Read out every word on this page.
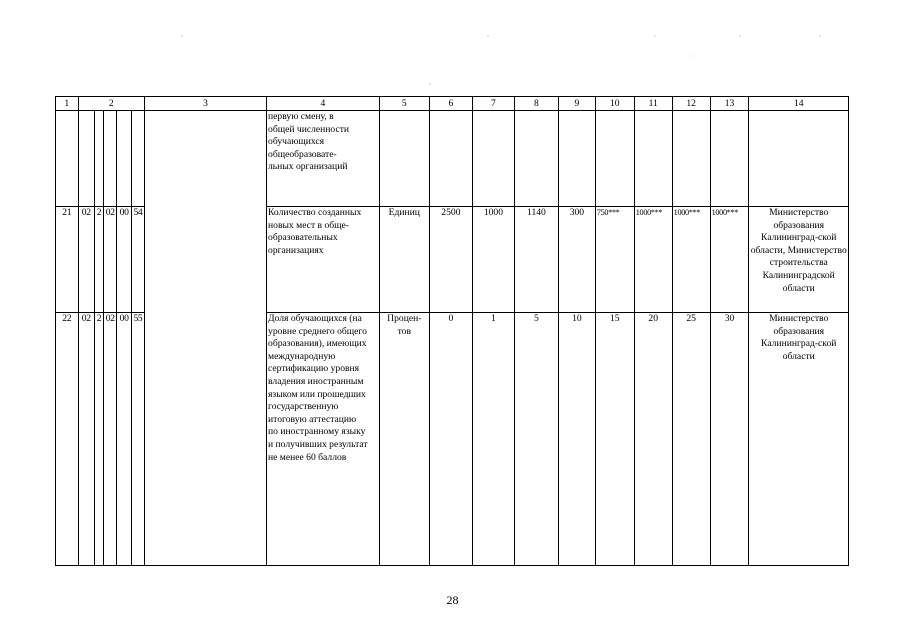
1	2					3	4	5	6	7	8	9	10	11	12	13	14

							первую смену, в общей численности обучающихся общеобразовате-льных организаций										

21	02	2	02	00	54		Количество созданных новых мест в обще-образовательных организациях	Единиц	2500	1000	1140	300	750***	1000***	1000***	1000***	Министерство образования Калининград-ской области, Министерство строительства Калининградской области
22	02	2	02	00	55		Доля обучающихся (на уровне среднего общего образования), имеющих международную сертификацию уровня владения иностранным языком или прошедших государственную итоговую аттестацию по иностранному языку и получивших результат не менее 60 баллов	Процен-тов	0	1	5	10	15	20	25	30	Министерство образования Калининград-ской области
28
